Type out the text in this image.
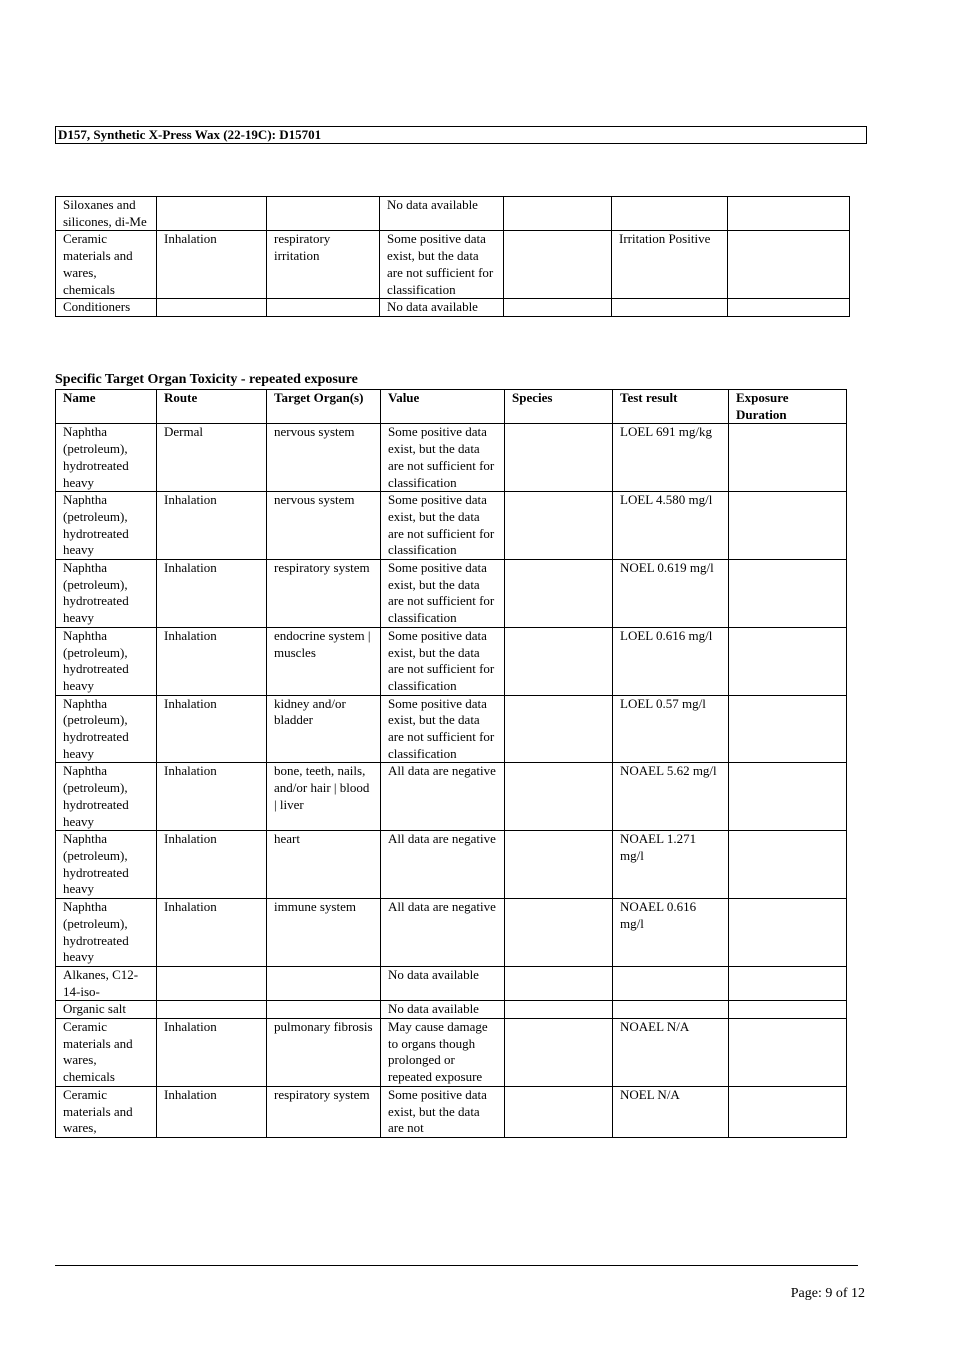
D157, Synthetic X-Press Wax (22-19C): D15701
Siloxanes and silicones, di-Me			No data available			
Ceramic materials and wares, chemicals	Inhalation	respiratory irritation	Some positive data exist, but the data are not sufficient for classification		Irritation Positive	
Conditioners			No data available			
Specific Target Organ Toxicity - repeated exposure
Name	Route	Target Organ(s)	Value	Species	Test result	Exposure Duration
Naphtha (petroleum), hydrotreated heavy	Dermal	nervous system	Some positive data exist, but the data are not sufficient for classification		LOEL 691 mg/kg	
Naphtha (petroleum), hydrotreated heavy	Inhalation	nervous system	Some positive data exist, but the data are not sufficient for classification		LOEL 4.580 mg/l	
Naphtha (petroleum), hydrotreated heavy	Inhalation	respiratory system	Some positive data exist, but the data are not sufficient for classification		NOEL 0.619 mg/l	
Naphtha (petroleum), hydrotreated heavy	Inhalation	endocrine system | muscles	Some positive data exist, but the data are not sufficient for classification		LOEL 0.616 mg/l	
Naphtha (petroleum), hydrotreated heavy	Inhalation	kidney and/or bladder	Some positive data exist, but the data are not sufficient for classification		LOEL 0.57 mg/l	
Naphtha (petroleum), hydrotreated heavy	Inhalation	bone, teeth, nails, and/or hair | blood | liver	All data are negative		NOAEL 5.62 mg/l	
Naphtha (petroleum), hydrotreated heavy	Inhalation	heart	All data are negative		NOAEL 1.271 mg/l	
Naphtha (petroleum), hydrotreated heavy	Inhalation	immune system	All data are negative		NOAEL 0.616 mg/l	
Alkanes, C12-14-iso-			No data available			
Organic salt			No data available			
Ceramic materials and wares, chemicals	Inhalation	pulmonary fibrosis	May cause damage to organs though prolonged or repeated exposure		NOAEL N/A	
Ceramic materials and wares,	Inhalation	respiratory system	Some positive data exist, but the data are not		NOEL N/A	
Page: 9 of 12
